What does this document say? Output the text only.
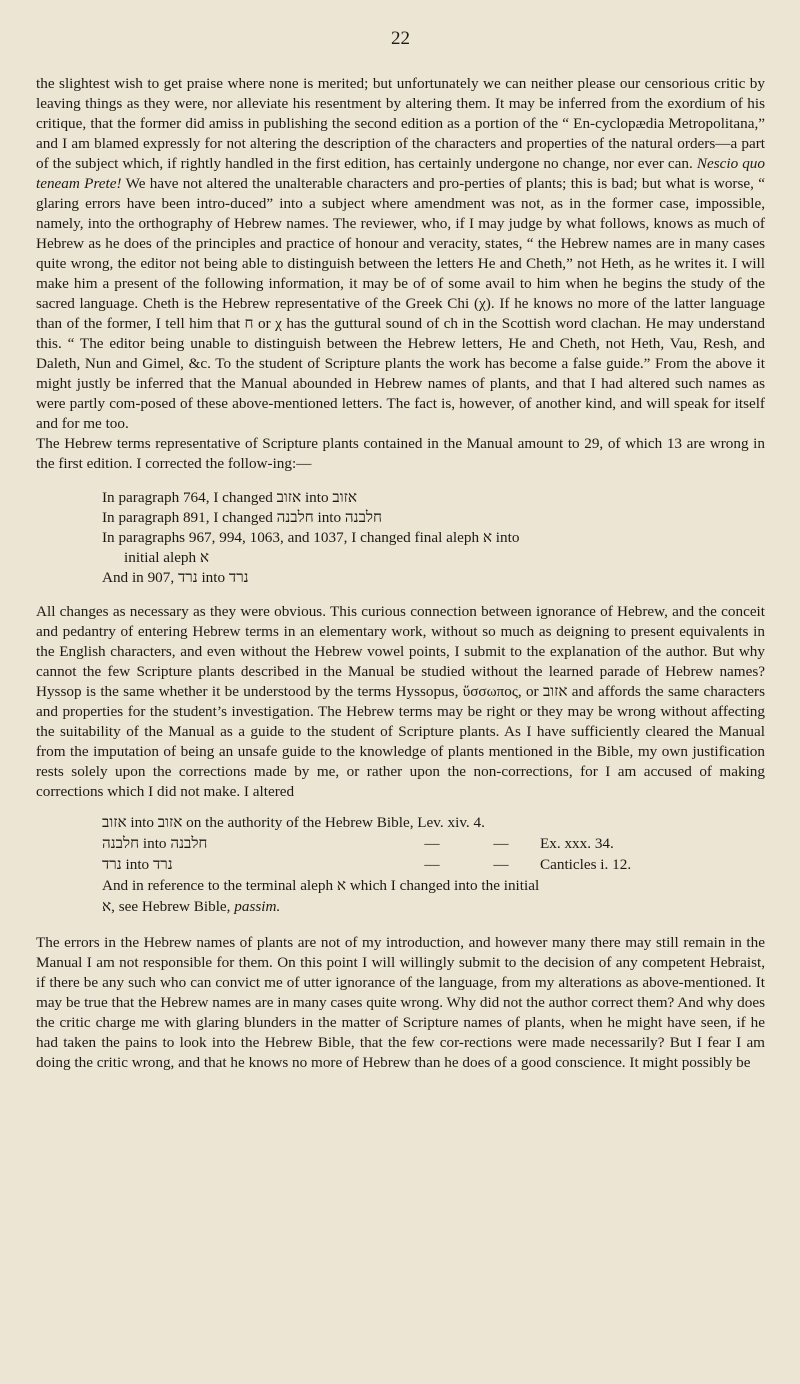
22

the slightest wish to get praise where none is merited; but unfortunately we can neither please our censorious critic by leaving things as they were, nor alleviate his resentment by altering them. It may be inferred from the exordium of his critique, that the former did amiss in publishing the second edition as a portion of the “ En-cyclopædia Metropolitana,” and I am blamed expressly for not altering the description of the characters and properties of the natural orders—a part of the subject which, if rightly handled in the first edition, has certainly undergone no change, nor ever can. Nescio quo teneam Prete! We have not altered the unalterable characters and pro-perties of plants; this is bad; but what is worse, “ glaring errors have been intro-duced” into a subject where amendment was not, as in the former case, impossible, namely, into the orthography of Hebrew names. The reviewer, who, if I may judge by what follows, knows as much of Hebrew as he does of the principles and practice of honour and veracity, states, “ the Hebrew names are in many cases quite wrong, the editor not being able to distinguish between the letters He and Cheth,” not Heth, as he writes it. I will make him a present of the following information, it may be of of some avail to him when he begins the study of the sacred language. Cheth is the Hebrew representative of the Greek Chi (χ). If he knows no more of the latter language than of the former, I tell him that ח or χ has the guttural sound of ch in the Scottish word clachan. He may understand this. “ The editor being unable to distinguish between the Hebrew letters, He and Cheth, not Heth, Vau, Resh, and Daleth, Nun and Gimel, &c. To the student of Scripture plants the work has become a false guide.” From the above it might justly be inferred that the Manual abounded in Hebrew names of plants, and that I had altered such names as were partly com-posed of these above-mentioned letters. The fact is, however, of another kind, and will speak for itself and for me too.

The Hebrew terms representative of Scripture plants contained in the Manual amount to 29, of which 13 are wrong in the first edition. I corrected the follow-ing:—

In paragraph 764, I changed אזוב into אזוב
In paragraph 891, I changed חלבנה into חלבנה
In paragraphs 967, 994, 1063, and 1037, I changed final aleph א into
initial aleph א
And in 907, נרד into נרד

All changes as necessary as they were obvious. This curious connection between ignorance of Hebrew, and the conceit and pedantry of entering Hebrew terms in an elementary work, without so much as deigning to present equivalents in the English characters, and even without the Hebrew vowel points, I submit to the explanation of the author. But why cannot the few Scripture plants described in the Manual be studied without the learned parade of Hebrew names? Hyssop is the same whether it be understood by the terms Hyssopus, ὕσσωπος, or אזוב and affords the same characters and properties for the student’s investigation. The Hebrew terms may be right or they may be wrong without affecting the suitability of the Manual as a guide to the student of Scripture plants. As I have sufficiently cleared the Manual from the imputation of being an unsafe guide to the knowledge of plants mentioned in the Bible, my own justification rests solely upon the corrections made by me, or rather upon the non-corrections, for I am accused of making corrections which I did not make. I altered

אזוב into אזוב on the authority of the Hebrew Bible, Lev. xiv. 4.
חלבנה into חלבנה	—	—	Ex. xxx. 34.
נרד into נרד	—	—	Canticles i. 12.
And in reference to the terminal aleph א which I changed into the initial
א, see Hebrew Bible, passim.

The errors in the Hebrew names of plants are not of my introduction, and however many there may still remain in the Manual I am not responsible for them. On this point I will willingly submit to the decision of any competent Hebraist, if there be any such who can convict me of utter ignorance of the language, from my alterations as above-mentioned. It may be true that the Hebrew names are in many cases quite wrong. Why did not the author correct them? And why does the critic charge me with glaring blunders in the matter of Scripture names of plants, when he might have seen, if he had taken the pains to look into the Hebrew Bible, that the few cor-rections were made necessarily? But I fear I am doing the critic wrong, and that he knows no more of Hebrew than he does of a good conscience. It might possibly be
